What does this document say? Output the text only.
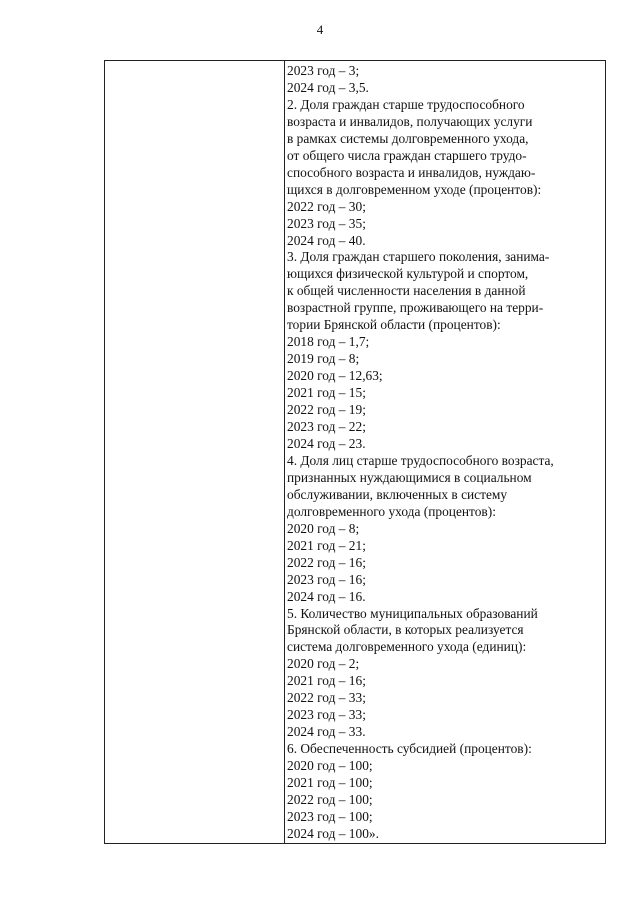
4
2023 год – 3;
2024 год – 3,5.
2. Доля граждан старше трудоспособного
возраста и инвалидов, получающих услуги
в рамках системы долговременного ухода,
от общего числа граждан старшего трудо-
способного возраста и инвалидов, нуждаю-
щихся в долговременном уходе (процентов):
2022 год – 30;
2023 год – 35;
2024 год – 40.
3. Доля граждан старшего поколения, занима-
ющихся физической культурой и спортом,
к общей численности населения в данной
возрастной группе, проживающего на терри-
тории Брянской области (процентов):
2018 год – 1,7;
2019 год – 8;
2020 год – 12,63;
2021 год – 15;
2022 год – 19;
2023 год – 22;
2024 год – 23.
4. Доля лиц старше трудоспособного возраста,
признанных нуждающимися в социальном
обслуживании, включенных в систему
долговременного ухода (процентов):
2020 год – 8;
2021 год – 21;
2022 год – 16;
2023 год – 16;
2024 год – 16.
5. Количество муниципальных образований
Брянской области, в которых реализуется
система долговременного ухода (единиц):
2020 год – 2;
2021 год – 16;
2022 год – 33;
2023 год – 33;
2024 год – 33.
6. Обеспеченность субсидией (процентов):
2020 год – 100;
2021 год – 100;
2022 год – 100;
2023 год – 100;
2024 год – 100».
